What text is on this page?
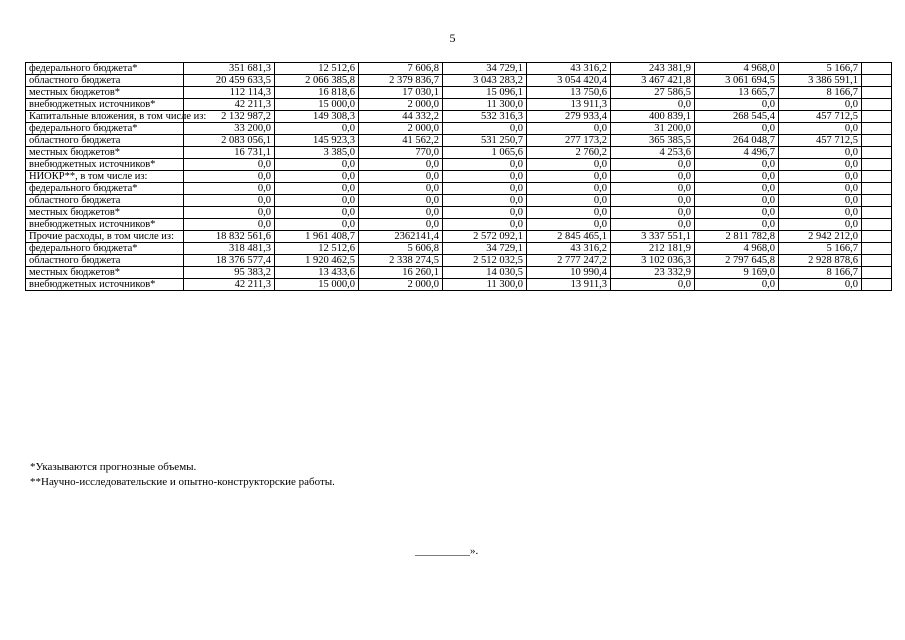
5
федерального бюджета*	351 681,3	12 512,6	7 606,8	34 729,1	43 316,2	243 381,9	4 968,0	5 166,7	
областного бюджета	20 459 633,5	2 066 385,8	2 379 836,7	3 043 283,2	3 054 420,4	3 467 421,8	3 061 694,5	3 386 591,1	
местных бюджетов*	112 114,3	16 818,6	17 030,1	15 096,1	13 750,6	27 586,5	13 665,7	8 166,7	
внебюджетных источников*	42 211,3	15 000,0	2 000,0	11 300,0	13 911,3	0,0	0,0	0,0	
Капитальные вложения, в том числе из:	2 132 987,2	149 308,3	44 332,2	532 316,3	279 933,4	400 839,1	268 545,4	457 712,5	
федерального бюджета*	33 200,0	0,0	2 000,0	0,0	0,0	31 200,0	0,0	0,0	
областного бюджета	2 083 056,1	145 923,3	41 562,2	531 250,7	277 173,2	365 385,5	264 048,7	457 712,5	
местных бюджетов*	16 731,1	3 385,0	770,0	1 065,6	2 760,2	4 253,6	4 496,7	0,0	
внебюджетных источников*	0,0	0,0	0,0	0,0	0,0	0,0	0,0	0,0	
НИОКР**, в том числе из:	0,0	0,0	0,0	0,0	0,0	0,0	0,0	0,0	
федерального бюджета*	0,0	0,0	0,0	0,0	0,0	0,0	0,0	0,0	
областного бюджета	0,0	0,0	0,0	0,0	0,0	0,0	0,0	0,0	
местных бюджетов*	0,0	0,0	0,0	0,0	0,0	0,0	0,0	0,0	
внебюджетных источников*	0,0	0,0	0,0	0,0	0,0	0,0	0,0	0,0	
Прочие расходы, в том числе из:	18 832 561,6	1 961 408,7	2362141,4	2 572 092,1	2 845 465,1	3 337 551,1	2 811 782,8	2 942 212,0	
федерального бюджета*	318 481,3	12 512,6	5 606,8	34 729,1	43 316,2	212 181,9	4 968,0	5 166,7	
областного бюджета	18 376 577,4	1 920 462,5	2 338 274,5	2 512 032,5	2 777 247,2	3 102 036,3	2 797 645,8	2 928 878,6	
местных бюджетов*	95 383,2	13 433,6	16 260,1	14 030,5	10 990,4	23 332,9	9 169,0	8 166,7	
внебюджетных источников*	42 211,3	15 000,0	2 000,0	11 300,0	13 911,3	0,0	0,0	0,0	
*Указываются прогнозные объемы.
**Научно-исследовательские и опытно-конструкторские работы.
__________».
